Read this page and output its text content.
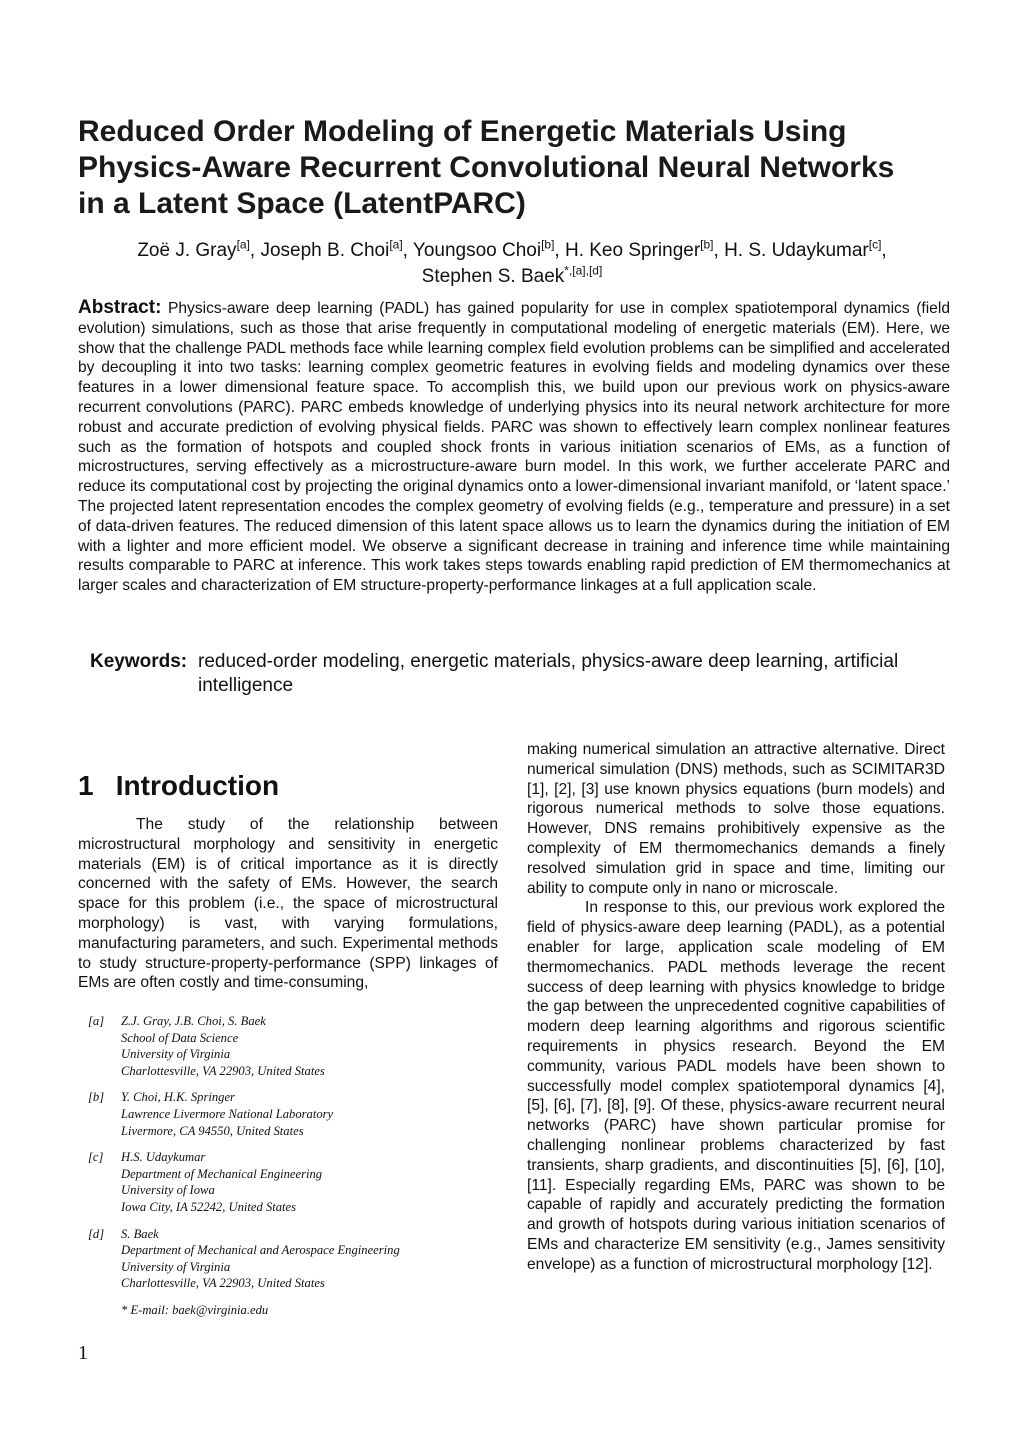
Reduced Order Modeling of Energetic Materials Using
Physics-Aware Recurrent Convolutional Neural Networks
in a Latent Space (LatentPARC)
Zoë J. Gray[a], Joseph B. Choi[a], Youngsoo Choi[b], H. Keo Springer[b], H. S. Udaykumar[c],
Stephen S. Baek$^{*,[a],[d]}$
Abstract: Physics-aware deep learning (PADL) has gained popularity for use in complex spatiotemporal dynamics (field evolution) simulations, such as those that arise frequently in computational modeling of energetic materials (EM). Here, we show that the challenge PADL methods face while learning complex field evolution problems can be simplified and accelerated by decoupling it into two tasks: learning complex geometric features in evolving fields and modeling dynamics over these features in a lower dimensional feature space. To accomplish this, we build upon our previous work on physics-aware recurrent convolutions (PARC). PARC embeds knowledge of underlying physics into its neural network architecture for more robust and accurate prediction of evolving physical fields. PARC was shown to effectively learn complex nonlinear features such as the formation of hotspots and coupled shock fronts in various initiation scenarios of EMs, as a function of microstructures, serving effectively as a microstructure-aware burn model. In this work, we further accelerate PARC and reduce its computational cost by projecting the original dynamics onto a lower-dimensional invariant manifold, or ‘latent space.’ The projected latent representation encodes the complex geometry of evolving fields (e.g., temperature and pressure) in a set of data-driven features. The reduced dimension of this latent space allows us to learn the dynamics during the initiation of EM with a lighter and more efficient model. We observe a significant decrease in training and inference time while maintaining results comparable to PARC at inference. This work takes steps towards enabling rapid prediction of EM thermomechanics at larger scales and characterization of EM structure-property-performance linkages at a full application scale.
Keywords: reduced-order modeling, energetic materials, physics-aware deep learning, artificial intelligence
1 Introduction

The study of the relationship between microstructural morphology and sensitivity in energetic materials (EM) is of critical importance as it is directly concerned with the safety of EMs. However, the search space for this problem (i.e., the space of microstructural morphology) is vast, with varying formulations, manufacturing parameters, and such. Experimental methods to study structure-property-performance (SPP) linkages of EMs are often costly and time-consuming,

[a] Z.J. Gray, J.B. Choi, S. Baek
School of Data Science
University of Virginia
Charlottesville, VA 22903, United States
[b] Y. Choi, H.K. Springer
Lawrence Livermore National Laboratory
Livermore, CA 94550, United States
[c] H.S. Udaykumar
Department of Mechanical Engineering
University of Iowa
Iowa City, IA 52242, United States
[d] S. Baek
Department of Mechanical and Aerospace Engineering
University of Virginia
Charlottesville, VA 22903, United States
* E-mail: baek@virginia.edu

making numerical simulation an attractive alternative. Direct numerical simulation (DNS) methods, such as SCIMITAR3D [1], [2], [3] use known physics equations (burn models) and rigorous numerical methods to solve those equations. However, DNS remains prohibitively expensive as the complexity of EM thermomechanics demands a finely resolved simulation grid in space and time, limiting our ability to compute only in nano or microscale.

In response to this, our previous work explored the field of physics-aware deep learning (PADL), as a potential enabler for large, application scale modeling of EM thermomechanics. PADL methods leverage the recent success of deep learning with physics knowledge to bridge the gap between the unprecedented cognitive capabilities of modern deep learning algorithms and rigorous scientific requirements in physics research. Beyond the EM community, various PADL models have been shown to successfully model complex spatiotemporal dynamics [4], [5], [6], [7], [8], [9]. Of these, physics-aware recurrent neural networks (PARC) have shown particular promise for challenging nonlinear problems characterized by fast transients, sharp gradients, and discontinuities [5], [6], [10], [11]. Especially regarding EMs, PARC was shown to be capable of rapidly and accurately predicting the formation and growth of hotspots during various initiation scenarios of EMs and characterize EM sensitivity (e.g., James sensitivity envelope) as a function of microstructural morphology [12].

1
